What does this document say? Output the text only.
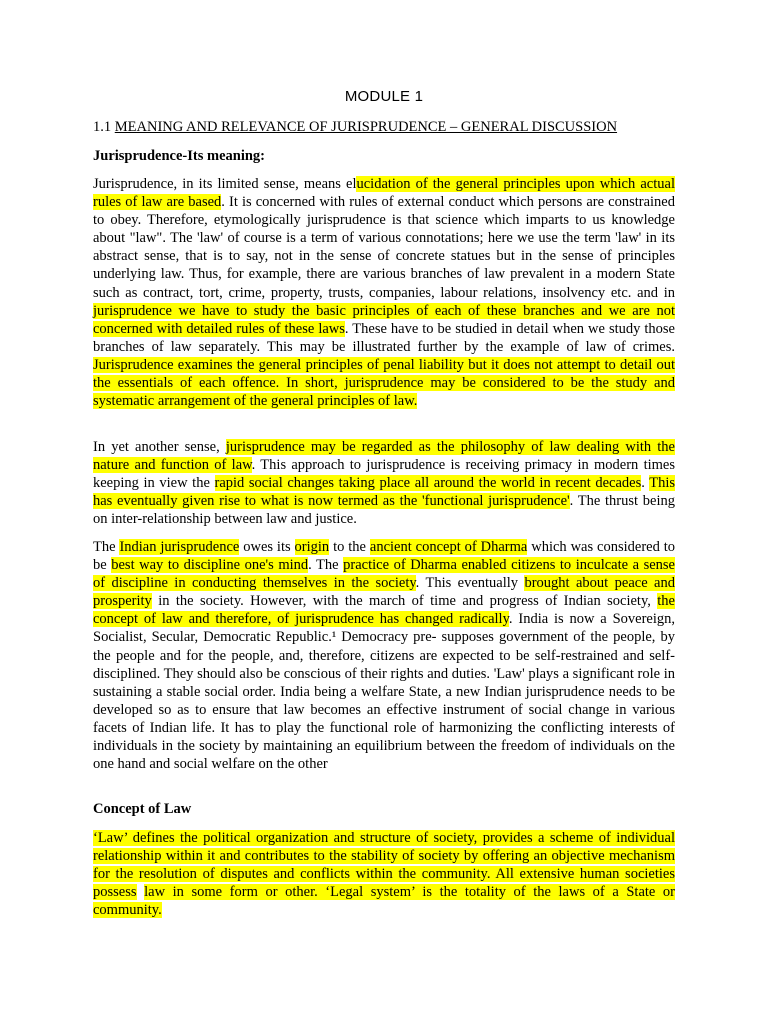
MODULE 1
1.1 MEANING AND RELEVANCE OF JURISPRUDENCE – GENERAL DISCUSSION
Jurisprudence-Its meaning:

Jurisprudence, in its limited sense, means elucidation of the general principles upon which actual rules of law are based. It is concerned with rules of external conduct which persons are constrained to obey. Therefore, etymologically jurisprudence is that science which imparts to us knowledge about "law". The 'law' of course is a term of various connotations; here we use the term 'law' in its abstract sense, that is to say, not in the sense of concrete statues but in the sense of principles underlying law. Thus, for example, there are various branches of law prevalent in a modern State such as contract, tort, crime, property, trusts, companies, labour relations, insolvency etc. and in jurisprudence we have to study the basic principles of each of these branches and we are not concerned with detailed rules of these laws. These have to be studied in detail when we study those branches of law separately. This may be illustrated further by the example of law of crimes. Jurisprudence examines the general principles of penal liability but it does not attempt to detail out the essentials of each offence. In short, jurisprudence may be considered to be the study and systematic arrangement of the general principles of law.

In yet another sense, jurisprudence may be regarded as the philosophy of law dealing with the nature and function of law. This approach to jurisprudence is receiving primacy in modern times keeping in view the rapid social changes taking place all around the world in recent decades. This has eventually given rise to what is now termed as the 'functional jurisprudence'. The thrust being on inter-relationship between law and justice.

The Indian jurisprudence owes its origin to the ancient concept of Dharma which was considered to be best way to discipline one's mind. The practice of Dharma enabled citizens to inculcate a sense of discipline in conducting themselves in the society. This eventually brought about peace and prosperity in the society. However, with the march of time and progress of Indian society, the concept of law and therefore, of jurisprudence has changed radically. India is now a Sovereign, Socialist, Secular, Democratic Republic.¹ Democracy pre- supposes government of the people, by the people and for the people, and, therefore, citizens are expected to be self-restrained and self-disciplined. They should also be conscious of their rights and duties. 'Law' plays a significant role in sustaining a stable social order. India being a welfare State, a new Indian jurisprudence needs to be developed so as to ensure that law becomes an effective instrument of social change in various facets of Indian life. It has to play the functional role of harmonizing the conflicting interests of individuals in the society by maintaining an equilibrium between the freedom of individuals on the one hand and social welfare on the other

Concept of Law

‘Law’ defines the political organization and structure of society, provides a scheme of individual relationship within it and contributes to the stability of society by offering an objective mechanism for the resolution of disputes and conflicts within the community. All extensive human societies possess law in some form or other. ‘Legal system’ is the totality of the laws of a State or community.
